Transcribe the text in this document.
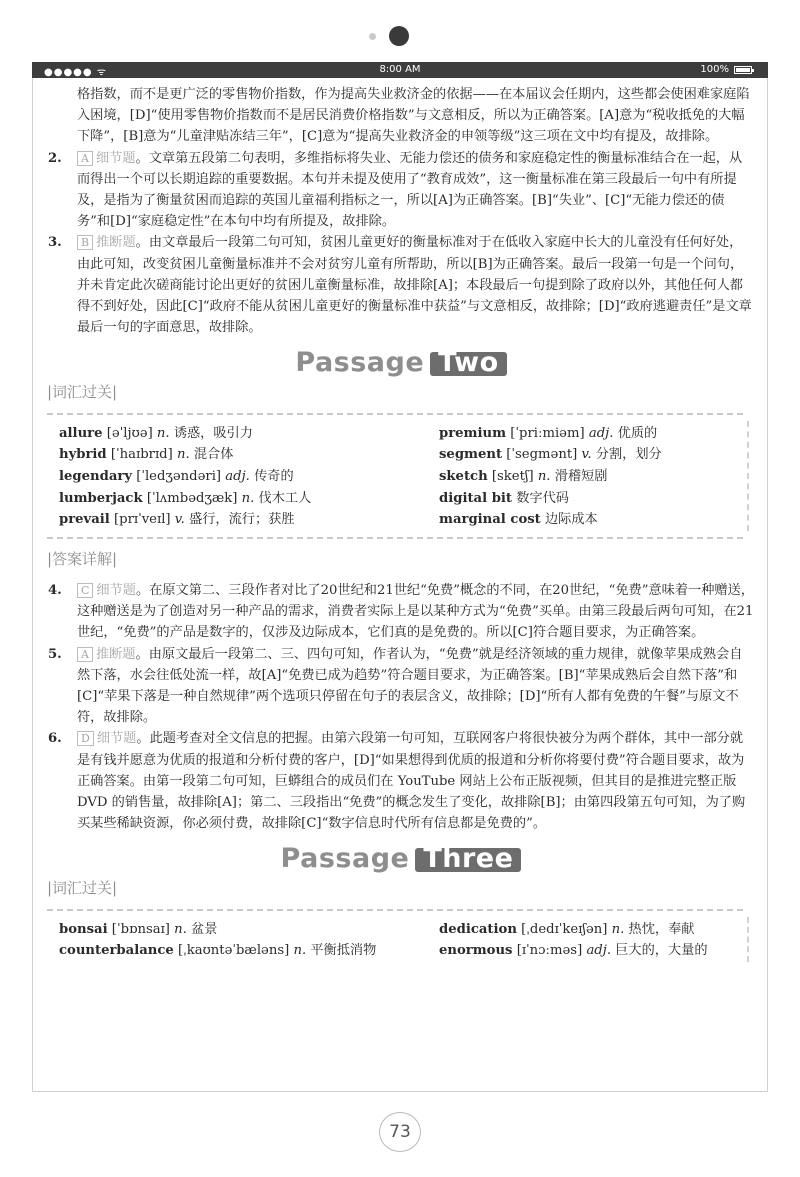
●●●●● ᯤ	8:00 AM	100%

格指数，而不是更广泛的零售物价指数，作为提高失业救济金的依据——在本届议会任期内，这些都会使困难家庭陷入困境，[D]“使用零售物价指数而不是居民消费价格指数”与文意相反，所以为正确答案。[A]意为“税收抵免的大幅下降”，[B]意为“儿童津贴冻结三年”，[C]意为“提高失业救济金的申领等级”这三项在文中均有提及，故排除。

2. A 细节题。文章第五段第二句表明，多维指标将失业、无能力偿还的债务和家庭稳定性的衡量标准结合在一起，从而得出一个可以长期追踪的重要数据。本句并未提及使用了“教育成效”，这一衡量标准在第三段最后一句中有所提及，是指为了衡量贫困而追踪的英国儿童福利指标之一，所以[A]为正确答案。[B]“失业”、[C]“无能力偿还的债务”和[D]“家庭稳定性”在本句中均有所提及，故排除。

3. B 推断题。由文章最后一段第二句可知，贫困儿童更好的衡量标准对于在低收入家庭中长大的儿童没有任何好处，由此可知，改变贫困儿童衡量标准并不会对贫穷儿童有所帮助，所以[B]为正确答案。最后一段第一句是一个问句，并未肯定此次磋商能讨论出更好的贫困儿童衡量标准，故排除[A]；本段最后一句提到除了政府以外，其他任何人都得不到好处，因此[C]“政府不能从贫困儿童更好的衡量标准中获益”与文意相反，故排除；[D]“政府逃避责任”是文章最后一句的字面意思，故排除。

Passage Two
|词汇过关|
allure [əˈljʊə] n. 诱惑，吸引力
hybrid [ˈhaɪbrɪd] n. 混合体
legendary [ˈledʒəndəri] adj. 传奇的
lumberjack [ˈlʌmbədʒæk] n. 伐木工人
prevail [prɪˈveɪl] v. 盛行，流行；获胜
premium [ˈpriːmiəm] adj. 优质的
segment [ˈsegmənt] v. 分割，划分
sketch [sketʃ] n. 滑稽短剧
digital bit 数字代码
marginal cost 边际成本
|答案详解|

4. C 细节题。在原文第二、三段作者对比了20世纪和21世纪“免费”概念的不同，在20世纪，“免费”意味着一种赠送，这种赠送是为了创造对另一种产品的需求，消费者实际上是以某种方式为“免费”买单。由第三段最后两句可知，在21世纪，“免费”的产品是数字的，仅涉及边际成本，它们真的是免费的。所以[C]符合题目要求，为正确答案。

5. A 推断题。由原文最后一段第二、三、四句可知，作者认为，“免费”就是经济领域的重力规律，就像苹果成熟会自然下落，水会往低处流一样，故[A]“免费已成为趋势”符合题目要求，为正确答案。[B]“苹果成熟后会自然下落”和[C]“苹果下落是一种自然规律”两个选项只停留在句子的表层含义，故排除；[D]“所有人都有免费的午餐”与原文不符，故排除。

6. D 细节题。此题考查对全文信息的把握。由第六段第一句可知，互联网客户将很快被分为两个群体，其中一部分就是有钱并愿意为优质的报道和分析付费的客户，[D]“如果想得到优质的报道和分析你将要付费”符合题目要求，故为正确答案。由第一段第二句可知，巨蟒组合的成员们在 YouTube 网站上公布正版视频，但其目的是推进完整正版 DVD 的销售量，故排除[A]；第二、三段指出“免费”的概念发生了变化，故排除[B]；由第四段第五句可知，为了购买某些稀缺资源，你必须付费，故排除[C]“数字信息时代所有信息都是免费的”。

Passage Three
|词汇过关|
bonsai [ˈbɒnsaɪ] n. 盆景
counterbalance [ˌkaʊntəˈbæləns] n. 平衡抵消物
dedication [ˌdedɪˈkeɪʃən] n. 热忱，奉献
enormous [ɪˈnɔːməs] adj. 巨大的，大量的
73
